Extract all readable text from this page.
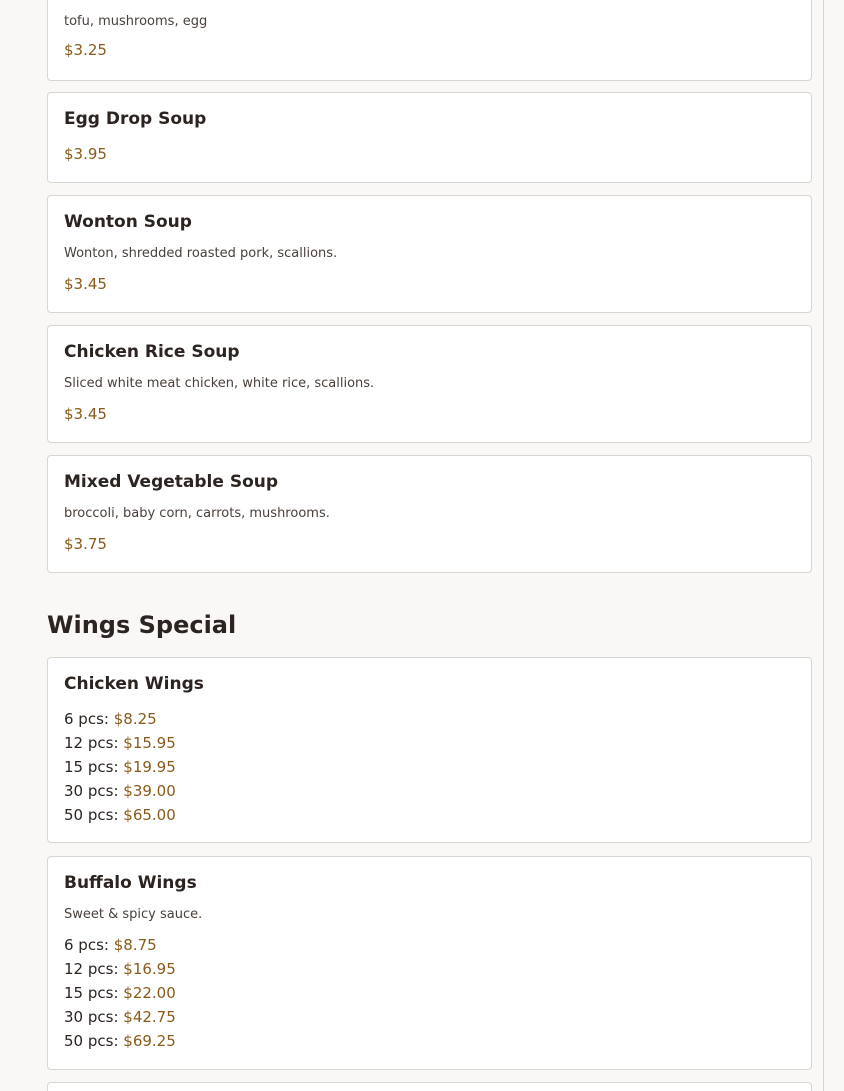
tofu, mushrooms, egg
$3.25
Egg Drop Soup
$3.95
Wonton Soup
Wonton, shredded roasted pork, scallions.
$3.45
Chicken Rice Soup
Sliced white meat chicken, white rice, scallions.
$3.45
Mixed Vegetable Soup
broccoli, baby corn, carrots, mushrooms.
$3.75
Wings Special
Chicken Wings
6 pcs: $8.25
12 pcs: $15.95
15 pcs: $19.95
30 pcs: $39.00
50 pcs: $65.00
Buffalo Wings
Sweet & spicy sauce.
6 pcs: $8.75
12 pcs: $16.95
15 pcs: $22.00
30 pcs: $42.75
50 pcs: $69.25
